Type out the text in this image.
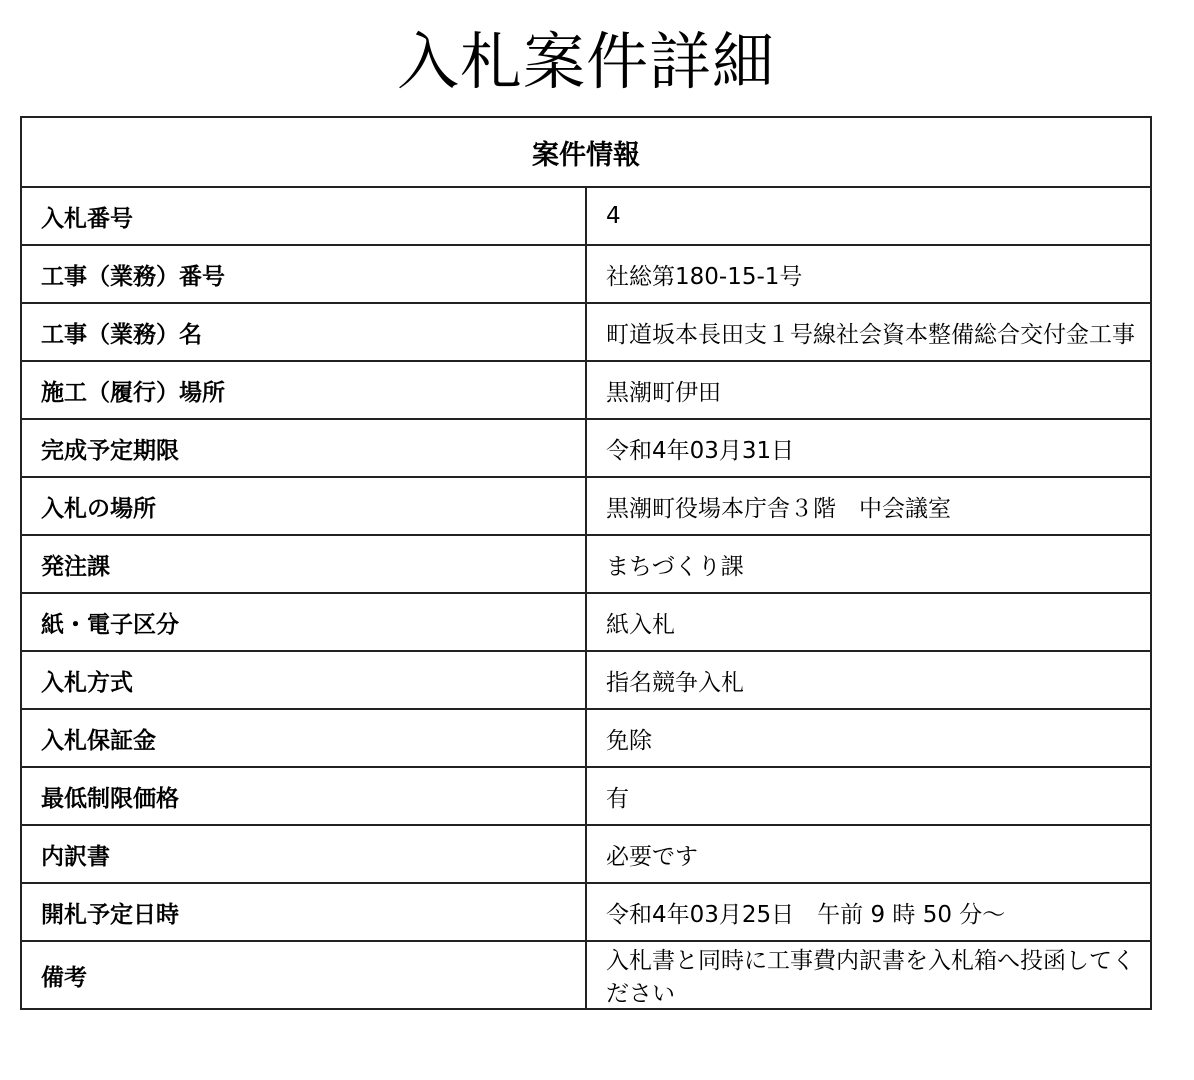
入札案件詳細
案件情報	
入札番号	4
工事（業務）番号	社総第180-15-1号
工事（業務）名	町道坂本長田支１号線社会資本整備総合交付金工事
施工（履行）場所	黒潮町伊田
完成予定期限	令和4年03月31日
入札の場所	黒潮町役場本庁舎３階　中会議室
発注課	まちづくり課
紙・電子区分	紙入札
入札方式	指名競争入札
入札保証金	免除
最低制限価格	有
内訳書	必要です
開札予定日時	令和4年03月25日　午前 9 時 50 分～
備考	入札書と同時に工事費内訳書を入札箱へ投函してください
